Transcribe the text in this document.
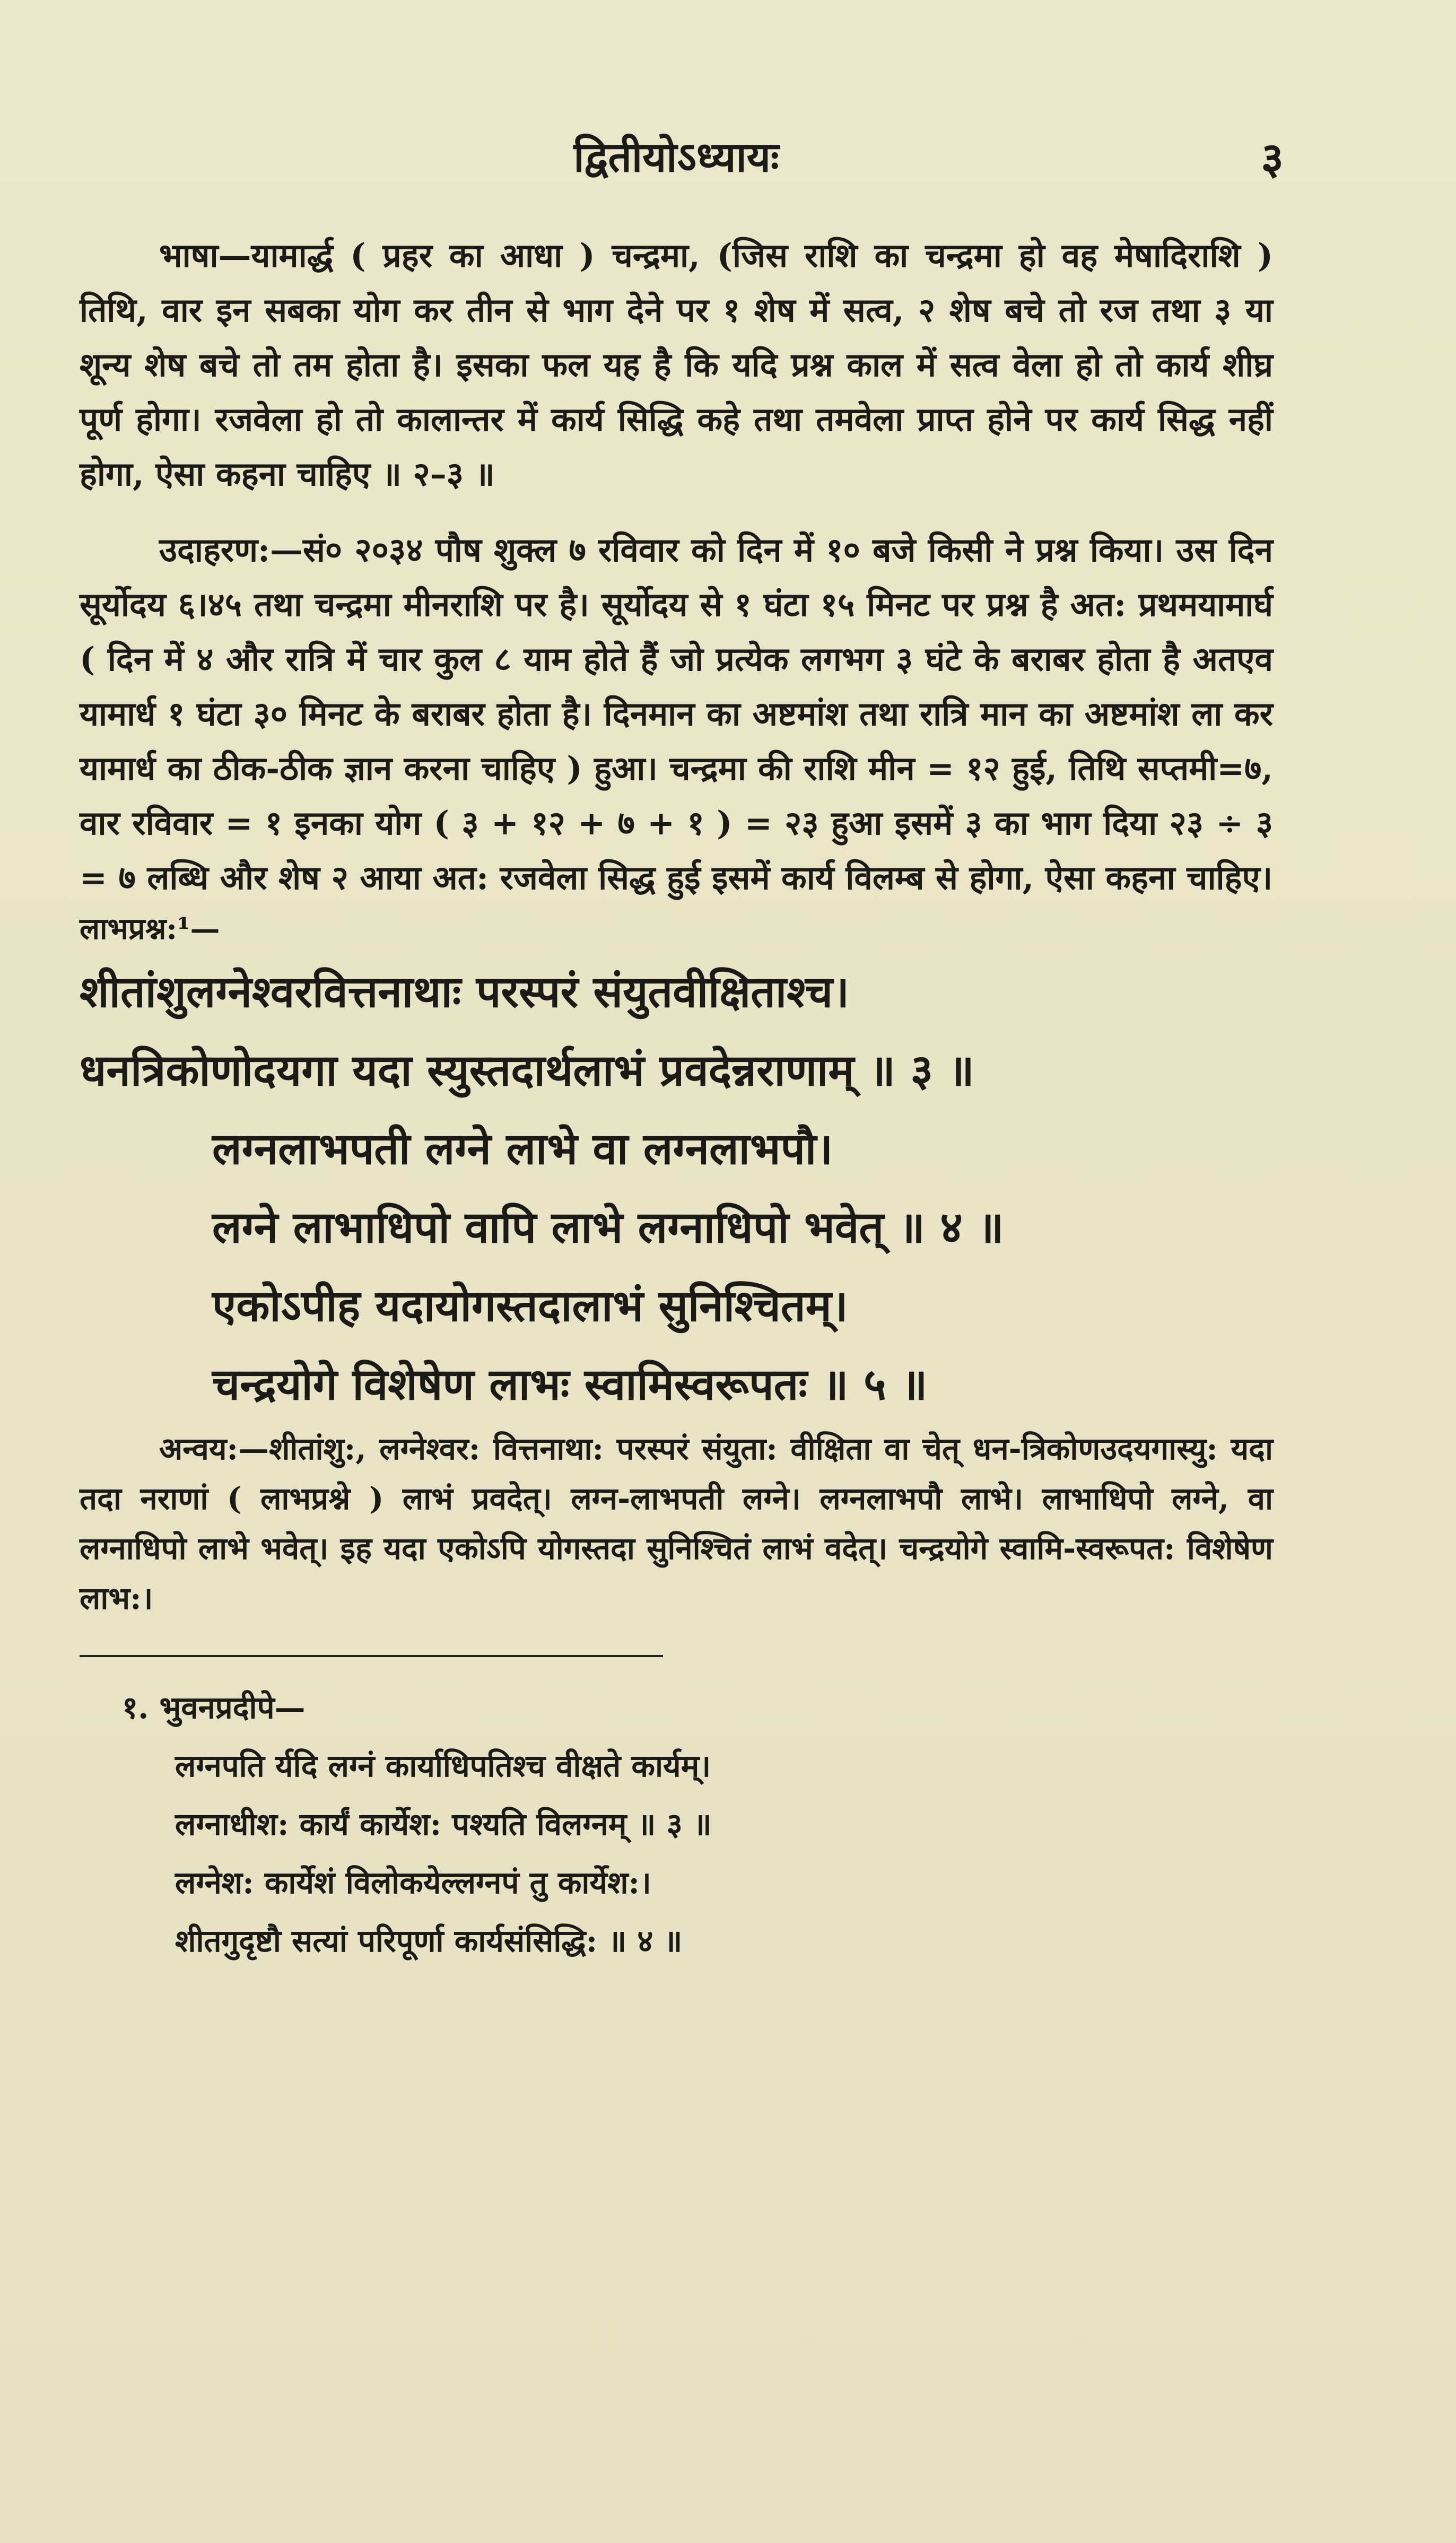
द्वितीयोऽध्यायः	३

भाषा—यामार्द्ध ( प्रहर का आधा ) चन्द्रमा, (जिस राशि का चन्द्रमा हो वह मेषादिराशि ) तिथि, वार इन सबका योग कर तीन से भाग देने पर १ शेष में सत्व, २ शेष बचे तो रज तथा ३ या शून्य शेष बचे तो तम होता है। इसका फल यह है कि यदि प्रश्न काल में सत्व वेला हो तो कार्य शीघ्र पूर्ण होगा। रजवेला हो तो कालान्तर में कार्य सिद्धि कहे तथा तमवेला प्राप्त होने पर कार्य सिद्ध नहीं होगा, ऐसा कहना चाहिए ॥ २–३ ॥

उदाहरण:—सं० २०३४ पौष शुक्ल ७ रविवार को दिन में १० बजे किसी ने प्रश्न किया। उस दिन सूर्योदय ६।४५ तथा चन्द्रमा मीनराशि पर है। सूर्योदय से १ घंटा १५ मिनट पर प्रश्न है अत: प्रथमयामार्घ ( दिन में ४ और रात्रि में चार कुल ८ याम होते हैं जो प्रत्येक लगभग ३ घंटे के बराबर होता है अतएव यामार्ध १ घंटा ३० मिनट के बराबर होता है। दिनमान का अष्टमांश तथा रात्रि मान का अष्टमांश ला कर यामार्ध का ठीक-ठीक ज्ञान करना चाहिए ) हुआ। चन्द्रमा की राशि मीन = १२ हुई, तिथि सप्तमी=७, वार रविवार = १ इनका योग ( ३ + १२ + ७ + १ ) = २३ हुआ इसमें ३ का भाग दिया २३ ÷ ३ = ७ लब्धि और शेष २ आया अत: रजवेला सिद्ध हुई इसमें कार्य विलम्ब से होगा, ऐसा कहना चाहिए।

लाभप्रश्न:¹—

शीतांशुलग्नेश्वरवित्तनाथाः परस्परं संयुतवीक्षिताश्च।

धनत्रिकोणोदयगा यदा स्युस्तदार्थलाभं प्रवदेन्नराणाम् ॥ ३ ॥

लग्नलाभपती लग्ने लाभे वा लग्नलाभपौ।

लग्ने लाभाधिपो वापि लाभे लग्नाधिपो भवेत् ॥ ४ ॥

एकोऽपीह यदायोगस्तदालाभं सुनिश्चितम्।

चन्द्रयोगे विशेषेण लाभः स्वामिस्वरूपतः ॥ ५ ॥

अन्वय:—शीतांशु:, लग्नेश्वर: वित्तनाथा: परस्परं संयुता: वीक्षिता वा चेत् धन-त्रिकोणउदयगास्यु: यदा तदा नराणां ( लाभप्रश्ने ) लाभं प्रवदेत्। लग्न-लाभपती लग्ने। लग्नलाभपौ लाभे। लाभाधिपो लग्ने, वा लग्नाधिपो लाभे भवेत्। इह यदा एकोऽपि योगस्तदा सुनिश्चितं लाभं वदेत्। चन्द्रयोगे स्वामि-स्वरूपत: विशेषेण लाभ:।

१. भुवनप्रदीपे—

लग्नपति र्यदि लग्नं कार्याधिपतिश्च वीक्षते कार्यम्।

लग्नाधीश: कार्यं कार्येश: पश्यति विलग्नम् ॥ ३ ॥

लग्नेश: कार्येशं विलोकयेल्लग्नपं तु कार्येश:।

शीतगुदृष्टौ सत्यां परिपूर्णा कार्यसंसिद्धि: ॥ ४ ॥
